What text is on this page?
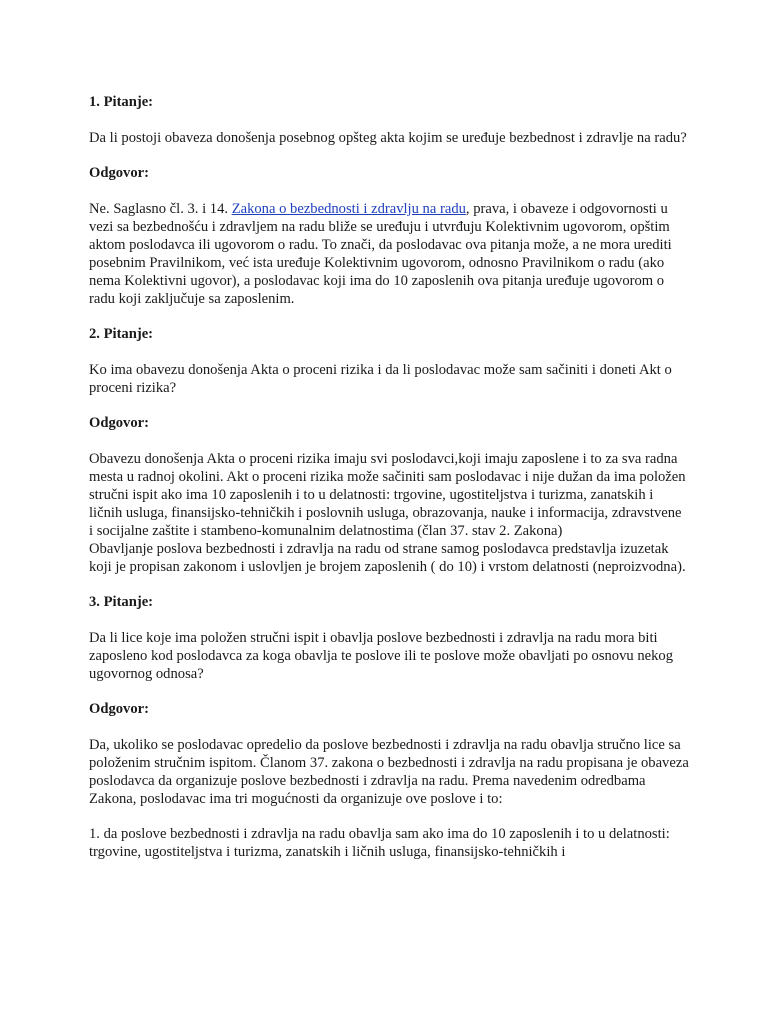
1. Pitanje:

Da li postoji obaveza donošenja posebnog opšteg akta kojim se uređuje bezbednost i zdravlje na radu?

Odgovor:

Ne. Saglasno čl. 3. i 14. Zakona o bezbednosti i zdravlju na radu, prava, i obaveze i odgovornosti u vezi sa bezbednošću i zdravljem na radu bliže se uređuju i utvrđuju Kolektivnim ugovorom, opštim aktom poslodavca ili ugovorom o radu. To znači, da poslodavac ova pitanja može, a ne mora urediti posebnim Pravilnikom, već ista uređuje Kolektivnim ugovorom, odnosno Pravilnikom o radu (ako nema Kolektivni ugovor), a poslodavac koji ima do 10 zaposlenih ova pitanja uređuje ugovorom o radu koji zaključuje sa zaposlenim.

2. Pitanje:

Ko ima obavezu donošenja Akta o proceni rizika i da li poslodavac može sam sačiniti i doneti Akt o proceni rizika?

Odgovor:

Obavezu donošenja Akta o proceni rizika imaju svi poslodavci,koji imaju zaposlene i to za sva radna mesta u radnoj okolini. Akt o proceni rizika može sačiniti sam poslodavac i nije dužan da ima položen stručni ispit ako ima 10 zaposlenih i to u delatnosti: trgovine, ugostiteljstva i turizma, zanatskih i ličnih usluga, finansijsko-tehničkih i poslovnih usluga, obrazovanja, nauke i informacija, zdravstvene i socijalne zaštite i stambeno-komunalnim delatnostima (član 37. stav 2. Zakona)

Obavljanje poslova bezbednosti i zdravlja na radu od strane samog poslodavca predstavlja izuzetak koji je propisan zakonom i uslovljen je brojem zaposlenih ( do 10) i vrstom delatnosti (neproizvodna).

3. Pitanje:

Da li lice koje ima položen stručni ispit i obavlja poslove bezbednosti i zdravlja na radu mora biti zaposleno kod poslodavca za koga obavlja te poslove ili te poslove može obavljati po osnovu nekog ugovornog odnosa?

Odgovor:

Da, ukoliko se poslodavac opredelio da poslove bezbednosti i zdravlja na radu obavlja stručno lice sa položenim stručnim ispitom. Članom 37. zakona o bezbednosti i zdravlja na radu propisana je obaveza poslodavca da organizuje poslove bezbednosti i zdravlja na radu. Prema navedenim odredbama Zakona, poslodavac ima tri mogućnosti da organizuje ove poslove i to:

1. da poslove bezbednosti i zdravlja na radu obavlja sam ako ima do 10 zaposlenih i to u delatnosti: trgovine, ugostiteljstva i turizma, zanatskih i ličnih usluga, finansijsko-tehničkih i
